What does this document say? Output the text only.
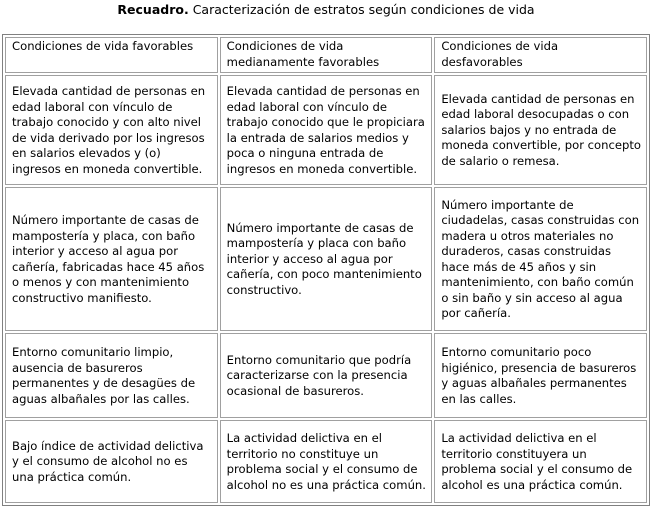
Recuadro. Caracterización de estratos según condiciones de vida
Condiciones de vida favorables	Condiciones de vida medianamente favorables	Condiciones de vida desfavorables
Elevada cantidad de personas en edad laboral con vínculo de trabajo conocido y con alto nivel de vida derivado por los ingresos en salarios elevados y (o) ingresos en moneda convertible.	Elevada cantidad de personas en edad laboral con vínculo de trabajo conocido que le propiciara la entrada de salarios medios y poca o ninguna entrada de ingresos en moneda convertible.	Elevada cantidad de personas en edad laboral desocupadas o con salarios bajos y no entrada de moneda convertible, por concepto de salario o remesa.
Número importante de casas de mampostería y placa, con baño interior y acceso al agua por cañería, fabricadas hace 45 años o menos y con mantenimiento constructivo manifiesto.	Número importante de casas de mampostería y placa con baño interior y acceso al agua por cañería, con poco mantenimiento constructivo.	Número importante de ciudadelas, casas construidas con madera u otros materiales no duraderos, casas construidas hace más de 45 años y sin mantenimiento, con baño común o sin baño y sin acceso al agua por cañería.
Entorno comunitario limpio, ausencia de basureros permanentes y de desagües de aguas albañales por las calles.	Entorno comunitario que podría caracterizarse con la presencia ocasional de basureros.	Entorno comunitario poco higiénico, presencia de basureros y aguas albañales permanentes en las calles.
Bajo índice de actividad delictiva y el consumo de alcohol no es una práctica común.	La actividad delictiva en el territorio no constituye un problema social y el consumo de alcohol no es una práctica común.	La actividad delictiva en el territorio constituyera un problema social y el consumo de alcohol es una práctica común.
